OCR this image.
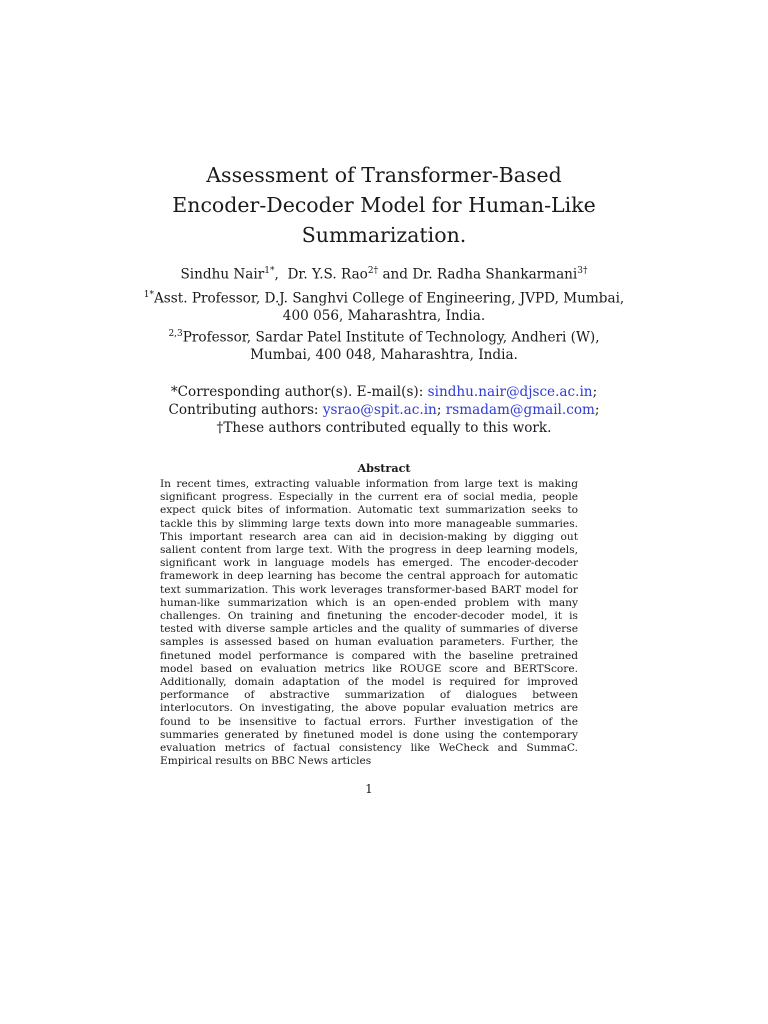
Assessment of Transformer-Based
Encoder-Decoder Model for Human-Like
Summarization.
Sindhu Nair$^{1*}$,  Dr. Y.S. Rao$^{2\dagger}$ and Dr. Radha Shankarmani$^{3\dagger}$

$^{1*}$Asst. Professor, D.J. Sanghvi College of Engineering, JVPD, Mumbai,

400 056, Maharashtra, India.

$^{2,3}$Professor, Sardar Patel Institute of Technology, Andheri (W),

Mumbai, 400 048, Maharashtra, India.

*Corresponding author(s). E-mail(s): sindhu.nair@djsce.ac.in;

Contributing authors: ysrao@spit.ac.in; rsmadam@gmail.com;

†These authors contributed equally to this work.

Abstract

In recent times, extracting valuable information from large text is making significant progress. Especially in the current era of social media, people expect quick bites of information. Automatic text summarization seeks to tackle this by slimming large texts down into more manageable summaries. This important research area can aid in decision-making by digging out salient content from large text. With the progress in deep learning models, significant work in language models has emerged. The encoder-decoder framework in deep learning has become the central approach for automatic text summarization. This work leverages transformer-based BART model for human-like summarization which is an open-ended problem with many challenges. On training and finetuning the encoder-decoder model, it is tested with diverse sample articles and the quality of summaries of diverse samples is assessed based on human evaluation parameters. Further, the finetuned model performance is compared with the baseline pretrained model based on evaluation metrics like ROUGE score and BERTScore. Additionally, domain adaptation of the model is required for improved performance of abstractive summarization of dialogues between interlocutors. On investigating, the above popular evaluation metrics are found to be insensitive to factual errors. Further investigation of the summaries generated by finetuned model is done using the contemporary evaluation metrics of factual consistency like WeCheck and SummaC. Empirical results on BBC News articles

1
